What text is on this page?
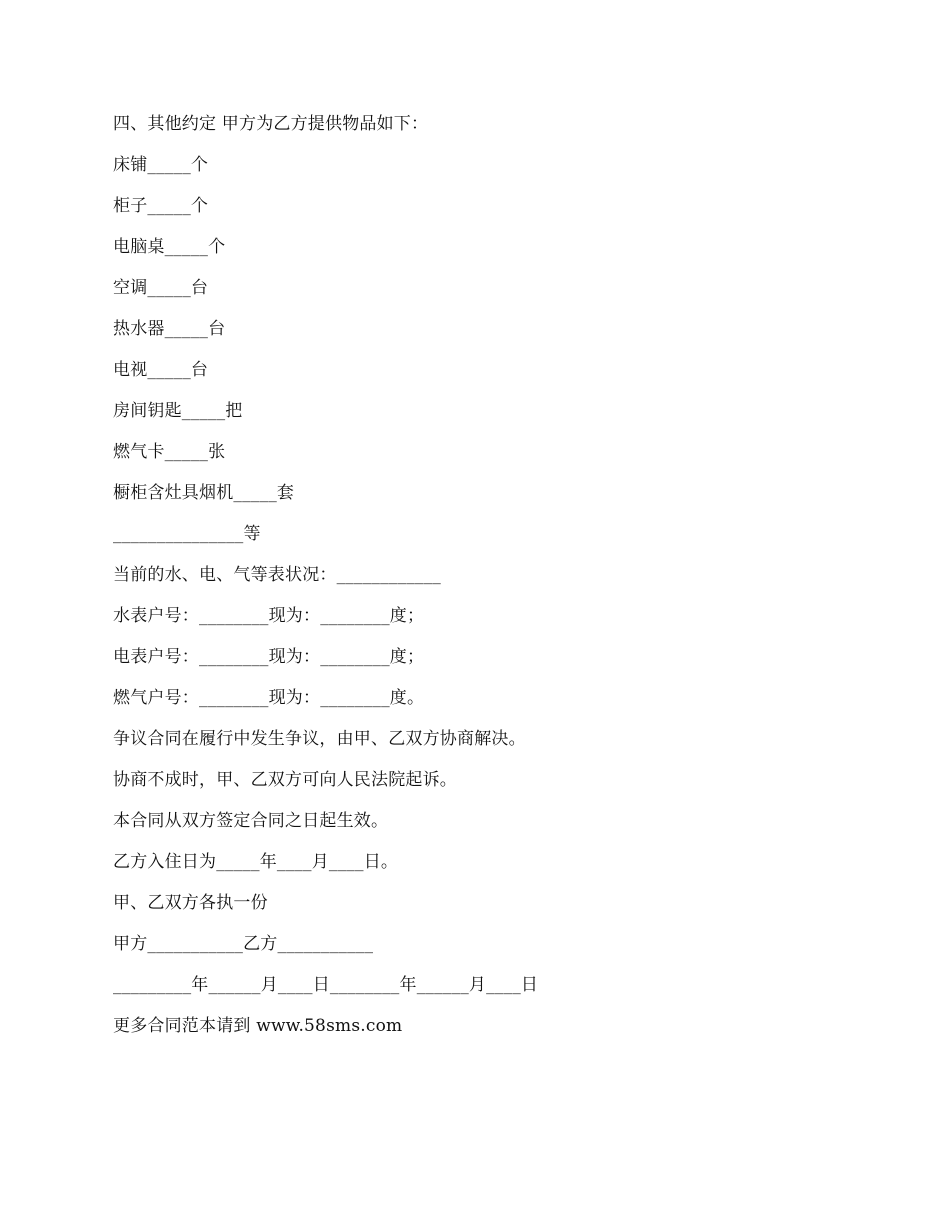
四、其他约定 甲方为乙方提供物品如下：
床铺_____个
柜子_____个
电脑桌_____个
空调_____台
热水器_____台
电视_____台
房间钥匙_____把
燃气卡_____张
橱柜含灶具烟机_____套
_______________等
当前的水、电、气等表状况：____________
水表户号：________现为：________度；
电表户号：________现为：________度；
燃气户号：________现为：________度。
争议合同在履行中发生争议，由甲、乙双方协商解决。
协商不成时，甲、乙双方可向人民法院起诉。
本合同从双方签定合同之日起生效。
乙方入住日为_____年____月____日。
甲、乙双方各执一份
甲方___________乙方___________
_________年______月____日________年______月____日
更多合同范本请到 www.58sms.com
